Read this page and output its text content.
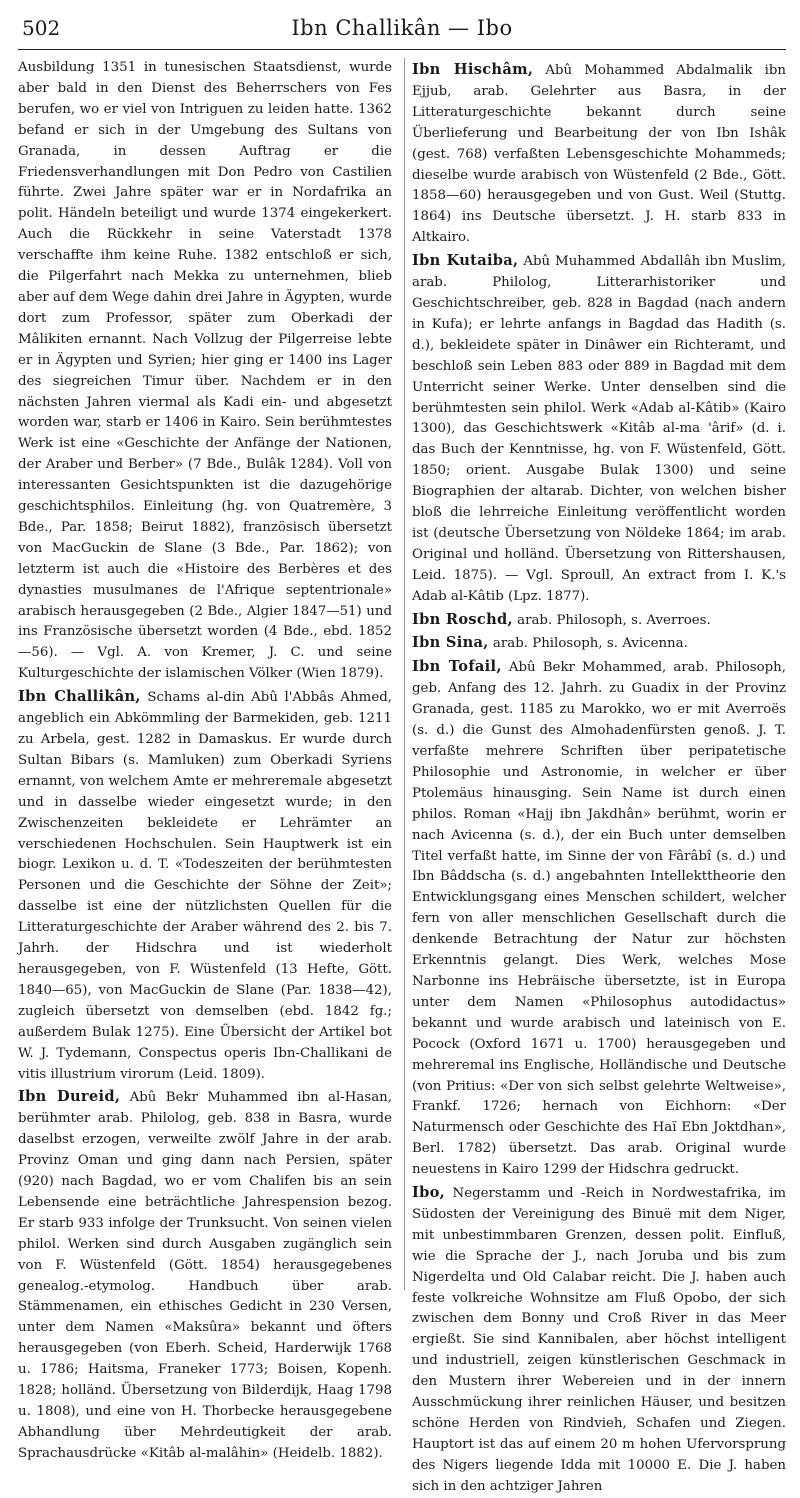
502	Ibn Challikân — Ibo

Ausbildung 1351 in tunesischen Staatsdienst, wurde aber bald in den Dienst des Beherrschers von Fes berufen, wo er viel von Intriguen zu leiden hatte. 1362 befand er sich in der Umgebung des Sultans von Granada, in dessen Auftrag er die Friedensverhandlungen mit Don Pedro von Castilien führte. Zwei Jahre später war er in Nordafrika an polit. Händeln beteiligt und wurde 1374 eingekerkert. Auch die Rückkehr in seine Vaterstadt 1378 verschaffte ihm keine Ruhe. 1382 entschloß er sich, die Pilgerfahrt nach Mekka zu unternehmen, blieb aber auf dem Wege dahin drei Jahre in Ägypten, wurde dort zum Professor, später zum Oberkadi der Mâlikiten ernannt. Nach Vollzug der Pilgerreise lebte er in Ägypten und Syrien; hier ging er 1400 ins Lager des siegreichen Timur über. Nachdem er in den nächsten Jahren viermal als Kadi ein- und abgesetzt worden war, starb er 1406 in Kairo. Sein berühmtestes Werk ist eine «Geschichte der Anfänge der Nationen, der Araber und Berber» (7 Bde., Bulâk 1284). Voll von interessanten Gesichtspunkten ist die dazugehörige geschichtsphilos. Einleitung (hg. von Quatremère, 3 Bde., Par. 1858; Beirut 1882), französisch übersetzt von MacGuckin de Slane (3 Bde., Par. 1862); von letzterm ist auch die «Histoire des Berbères et des dynasties musulmanes de l'Afrique septentrionale» arabisch herausgegeben (2 Bde., Algier 1847—51) und ins Französische übersetzt worden (4 Bde., ebd. 1852—56). — Vgl. A. von Kremer, J. C. und seine Kulturgeschichte der islamischen Völker (Wien 1879).

Ibn Challikân, Schams al-din Abû l'Abbâs Ahmed, angeblich ein Abkömmling der Barmekiden, geb. 1211 zu Arbela, gest. 1282 in Damaskus. Er wurde durch Sultan Bibars (s. Mamluken) zum Oberkadi Syriens ernannt, von welchem Amte er mehreremale abgesetzt und in dasselbe wieder eingesetzt wurde; in den Zwischenzeiten bekleidete er Lehrämter an verschiedenen Hochschulen. Sein Hauptwerk ist ein biogr. Lexikon u. d. T. «Todeszeiten der berühmtesten Personen und die Geschichte der Söhne der Zeit»; dasselbe ist eine der nützlichsten Quellen für die Litteraturgeschichte der Araber während des 2. bis 7. Jahrh. der Hidschra und ist wiederholt herausgegeben, von F. Wüstenfeld (13 Hefte, Gött. 1840—65), von MacGuckin de Slane (Par. 1838—42), zugleich übersetzt von demselben (ebd. 1842 fg.; außerdem Bulak 1275). Eine Übersicht der Artikel bot W. J. Tydemann, Conspectus operis Ibn-Challikani de vitis illustrium virorum (Leid. 1809).

Ibn Dureid, Abû Bekr Muhammed ibn al-Hasan, berühmter arab. Philolog, geb. 838 in Basra, wurde daselbst erzogen, verweilte zwölf Jahre in der arab. Provinz Oman und ging dann nach Persien, später (920) nach Bagdad, wo er vom Chalifen bis an sein Lebensende eine beträchtliche Jahrespension bezog. Er starb 933 infolge der Trunksucht. Von seinen vielen philol. Werken sind durch Ausgaben zugänglich sein von F. Wüstenfeld (Gött. 1854) herausgegebenes genealog.-etymolog. Handbuch über arab. Stämmenamen, ein ethisches Gedicht in 230 Versen, unter dem Namen «Maksûra» bekannt und öfters herausgegeben (von Eberh. Scheid, Harderwijk 1768 u. 1786; Haitsma, Franeker 1773; Boisen, Kopenh. 1828; holländ. Übersetzung von Bilderdijk, Haag 1798 u. 1808), und eine von H. Thorbecke herausgegebene Abhandlung über Mehrdeutigkeit der arab. Sprachausdrücke «Kitâb al-malâhin» (Heidelb. 1882).

Ibn Hischâm, Abû Mohammed Abdalmalik ibn Ejjub, arab. Gelehrter aus Basra, in der Litteraturgeschichte bekannt durch seine Überlieferung und Bearbeitung der von Ibn Ishâk (gest. 768) verfaßten Lebensgeschichte Mohammeds; dieselbe wurde arabisch von Wüstenfeld (2 Bde., Gött. 1858—60) herausgegeben und von Gust. Weil (Stuttg. 1864) ins Deutsche übersetzt. J. H. starb 833 in Altkairo.

Ibn Kutaiba, Abû Muhammed Abdallâh ibn Muslim, arab. Philolog, Litterarhistoriker und Geschichtschreiber, geb. 828 in Bagdad (nach andern in Kufa); er lehrte anfangs in Bagdad das Hadith (s. d.), bekleidete später in Dinâwer ein Richteramt, und beschloß sein Leben 883 oder 889 in Bagdad mit dem Unterricht seiner Werke. Unter denselben sind die berühmtesten sein philol. Werk «Adab al-Kâtib» (Kairo 1300), das Geschichtswerk «Kitâb al-ma 'ârif» (d. i. das Buch der Kenntnisse, hg. von F. Wüstenfeld, Gött. 1850; orient. Ausgabe Bulak 1300) und seine Biographien der altarab. Dichter, von welchen bisher bloß die lehrreiche Einleitung veröffentlicht worden ist (deutsche Übersetzung von Nöldeke 1864; im arab. Original und holländ. Übersetzung von Rittershausen, Leid. 1875). — Vgl. Sproull, An extract from I. K.'s Adab al-Kâtib (Lpz. 1877).

Ibn Roschd, arab. Philosoph, s. Averroes.

Ibn Sina, arab. Philosoph, s. Avicenna.

Ibn Tofail, Abû Bekr Mohammed, arab. Philosoph, geb. Anfang des 12. Jahrh. zu Guadix in der Provinz Granada, gest. 1185 zu Marokko, wo er mit Averroës (s. d.) die Gunst des Almohadenfürsten genoß. J. T. verfaßte mehrere Schriften über peripatetische Philosophie und Astronomie, in welcher er über Ptolemäus hinausging. Sein Name ist durch einen philos. Roman «Hajj ibn Jakdhân» berühmt, worin er nach Avicenna (s. d.), der ein Buch unter demselben Titel verfaßt hatte, im Sinne der von Fârâbî (s. d.) und Ibn Bâddscha (s. d.) angebahnten Intellekttheorie den Entwicklungsgang eines Menschen schildert, welcher fern von aller menschlichen Gesellschaft durch die denkende Betrachtung der Natur zur höchsten Erkenntnis gelangt. Dies Werk, welches Mose Narbonne ins Hebräische übersetzte, ist in Europa unter dem Namen «Philosophus autodidactus» bekannt und wurde arabisch und lateinisch von E. Pocock (Oxford 1671 u. 1700) herausgegeben und mehreremal ins Englische, Holländische und Deutsche (von Pritius: «Der von sich selbst gelehrte Weltweise», Frankf. 1726; hernach von Eichhorn: «Der Naturmensch oder Geschichte des Haï Ebn Joktdhan», Berl. 1782) übersetzt. Das arab. Original wurde neuestens in Kairo 1299 der Hidschra gedruckt.

Ibo, Negerstamm und -Reich in Nordwestafrika, im Südosten der Vereinigung des Binuë mit dem Niger, mit unbestimmbaren Grenzen, dessen polit. Einfluß, wie die Sprache der J., nach Joruba und bis zum Nigerdelta und Old Calabar reicht. Die J. haben auch feste volkreiche Wohnsitze am Fluß Opobo, der sich zwischen dem Bonny und Croß River in das Meer ergießt. Sie sind Kannibalen, aber höchst intelligent und industriell, zeigen künstlerischen Geschmack in den Mustern ihrer Webereien und in der innern Ausschmückung ihrer reinlichen Häuser, und besitzen schöne Herden von Rindvieh, Schafen und Ziegen. Hauptort ist das auf einem 20 m hohen Ufervorsprung des Nigers liegende Idda mit 10000 E. Die J. haben sich in den achtziger Jahren
